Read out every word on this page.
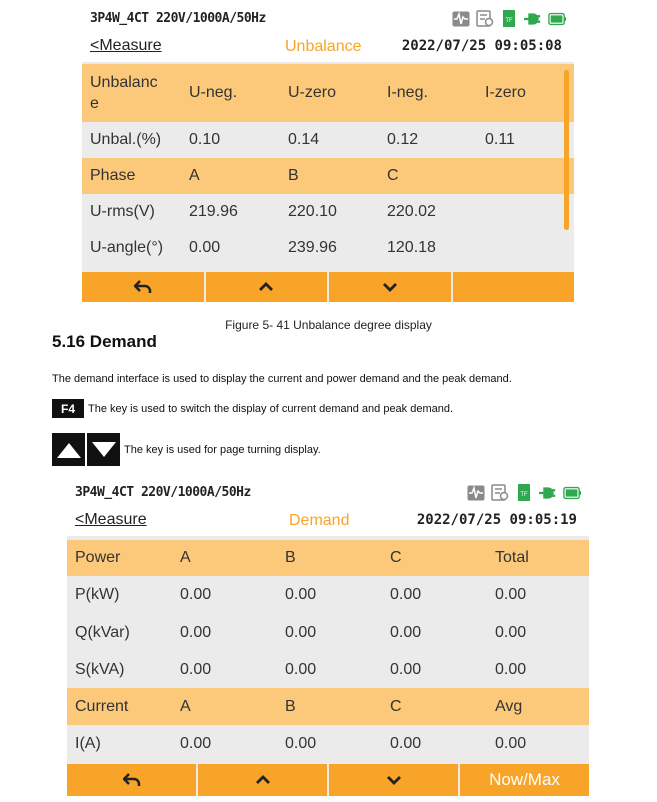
3P4W_4CT 220V/1000A/50Hz	TF
<Measure	Unbalance	2022/07/25 09:05:08
Unbalanc
e
U-neg.	U-zero	I-neg.	I-zero
Unbal.(%) 0.10	0.14	0.12	0.11
Phase	A	B	C
U-rms(V) 219.96	220.10	220.02
U-angle(°) 0.00	239.96	120.18
Figure 5- 41 Unbalance degree display
5.16 Demand
The demand interface is used to display the current and power demand and the peak demand.
F4	The key is used to switch the display of current demand and peak demand.
The key is used for page turning display.
3P4W_4CT 220V/1000A/50Hz	TF
<Measure	Demand	2022/07/25 09:05:19
Power	A	B	C	Total
P(kW)	0.00	0.00	0.00	0.00
Q(kVar)	0.00	0.00	0.00	0.00
S(kVA)	0.00	0.00	0.00	0.00
Current	A	B	C	Avg
I(A)	0.00	0.00	0.00	0.00
Now/Max
